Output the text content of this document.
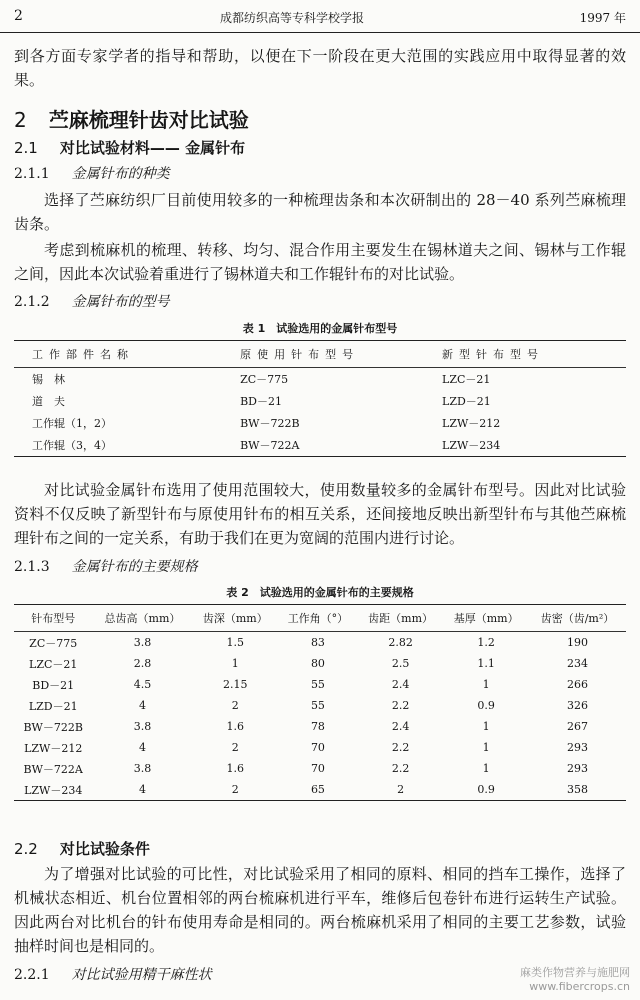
2	成都纺织高等专科学校学报	1997 年

到各方面专家学者的指导和帮助，以便在下一阶段在更大范围的实践应用中取得显著的效果。

2 苎麻梳理针齿对比试验
2.1 对比试验材料—— 金属针布
2.1.1 金属针布的种类

选择了苎麻纺织厂目前使用较多的一种梳理齿条和本次研制出的 28－40 系列苎麻梳理齿条。

考虑到梳麻机的梳理、转移、均匀、混合作用主要发生在锡林道夫之间、锡林与工作辊之间，因此本次试验着重进行了锡林道夫和工作辊针布的对比试验。

2.1.2 金属针布的型号
表 1　试验选用的金属针布型号
工作部件名称	原使用针布型号	新型针布型号
锡　林	ZC－775	LZC－21
道　夫	BD－21	LZD－21
工作辊（1，2）	BW－722B	LZW－212
工作辊（3，4）	BW－722A	LZW－234

对比试验金属针布选用了使用范围较大，使用数量较多的金属针布型号。因此对比试验资料不仅反映了新型针布与原使用针布的相互关系，还间接地反映出新型针布与其他苎麻梳理针布之间的一定关系，有助于我们在更为宽阔的范围内进行讨论。

2.1.3 金属针布的主要规格
表 2　试验选用的金属针布的主要规格
针布型号	总齿高（mm）	齿深（mm）	工作角（°）	齿距（mm）	基厚（mm）	齿密（齿/m²）
ZC－775	3.8	1.5	83	2.82	1.2	190
LZC－21	2.8	1	80	2.5	1.1	234
BD－21	4.5	2.15	55	2.4	1	266
LZD－21	4	2	55	2.2	0.9	326
BW－722B	3.8	1.6	78	2.4	1	267
LZW－212	4	2	70	2.2	1	293
BW－722A	3.8	1.6	70	2.2	1	293
LZW－234	4	2	65	2	0.9	358
2.2 对比试验条件

为了增强对比试验的可比性，对比试验采用了相同的原料、相同的挡车工操作，选择了机械状态相近、机台位置相邻的两台梳麻机进行平车，维修后包卷针布进行运转生产试验。因此两台对比机台的针布使用寿命是相同的。两台梳麻机采用了相同的主要工艺参数，试验抽样时间也是相同的。

2.2.1 对比试验用精干麻性状	麻类作物营养与施肥网
www.fibercrops.cn
